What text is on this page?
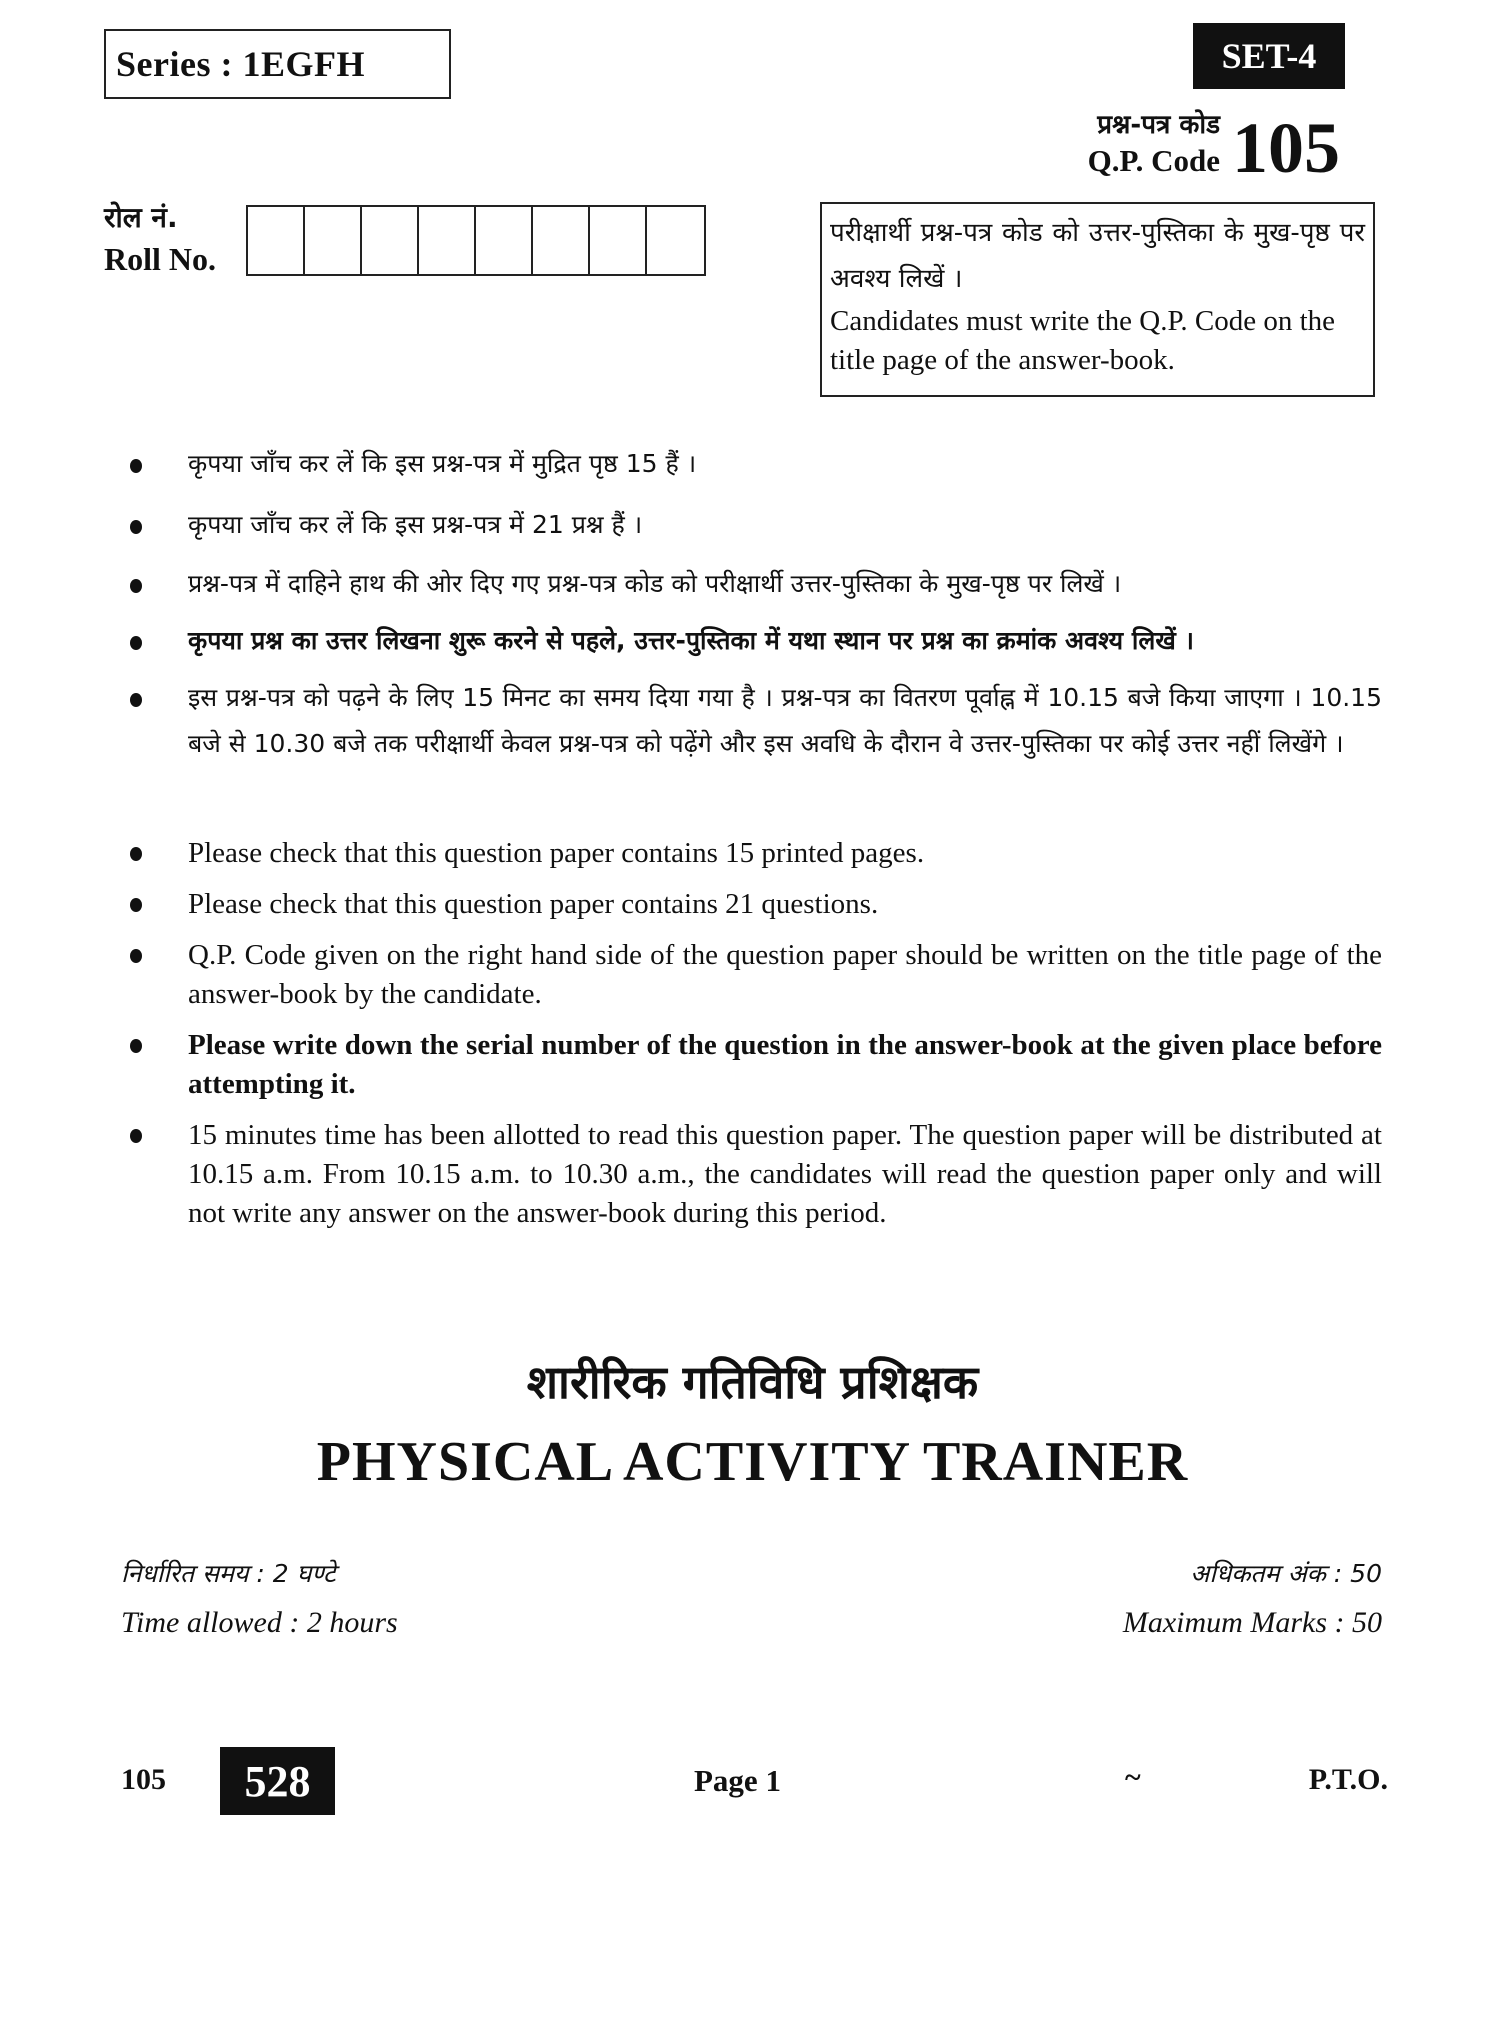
Series : 1EGFH	SET-4
प्रश्न-पत्र कोड
Q.P. Code 105
रोल नं.
Roll No.
परीक्षार्थी प्रश्न-पत्र कोड को उत्तर-पुस्तिका के मुख-पृष्ठ पर अवश्य लिखें ।
Candidates must write the Q.P. Code on the title page of the answer-book.
कृपया जाँच कर लें कि इस प्रश्न-पत्र में मुद्रित पृष्ठ 15 हैं ।
कृपया जाँच कर लें कि इस प्रश्न-पत्र में 21 प्रश्न हैं ।
प्रश्न-पत्र में दाहिने हाथ की ओर दिए गए प्रश्न-पत्र कोड को परीक्षार्थी उत्तर-पुस्तिका के मुख-पृष्ठ पर लिखें ।
कृपया प्रश्न का उत्तर लिखना शुरू करने से पहले, उत्तर-पुस्तिका में यथा स्थान पर प्रश्न का क्रमांक अवश्य लिखें ।
इस प्रश्न-पत्र को पढ़ने के लिए 15 मिनट का समय दिया गया है । प्रश्न-पत्र का वितरण पूर्वाह्न में 10.15 बजे किया जाएगा । 10.15 बजे से 10.30 बजे तक परीक्षार्थी केवल प्रश्न-पत्र को पढ़ेंगे और इस अवधि के दौरान वे उत्तर-पुस्तिका पर कोई उत्तर नहीं लिखेंगे ।
Please check that this question paper contains 15 printed pages.
Please check that this question paper contains 21 questions.
Q.P. Code given on the right hand side of the question paper should be written on the title page of the answer-book by the candidate.
Please write down the serial number of the question in the answer-book at the given place before attempting it.
15 minutes time has been allotted to read this question paper. The question paper will be distributed at 10.15 a.m. From 10.15 a.m. to 10.30 a.m., the candidates will read the question paper only and will not write any answer on the answer-book during this period.
शारीरिक गतिविधि प्रशिक्षक
PHYSICAL ACTIVITY TRAINER
निर्धारित समय : 2 घण्टे	अधिकतम अंक : 50
Time allowed : 2 hours	Maximum Marks : 50
105	528	Page 1	~	P.T.O.
